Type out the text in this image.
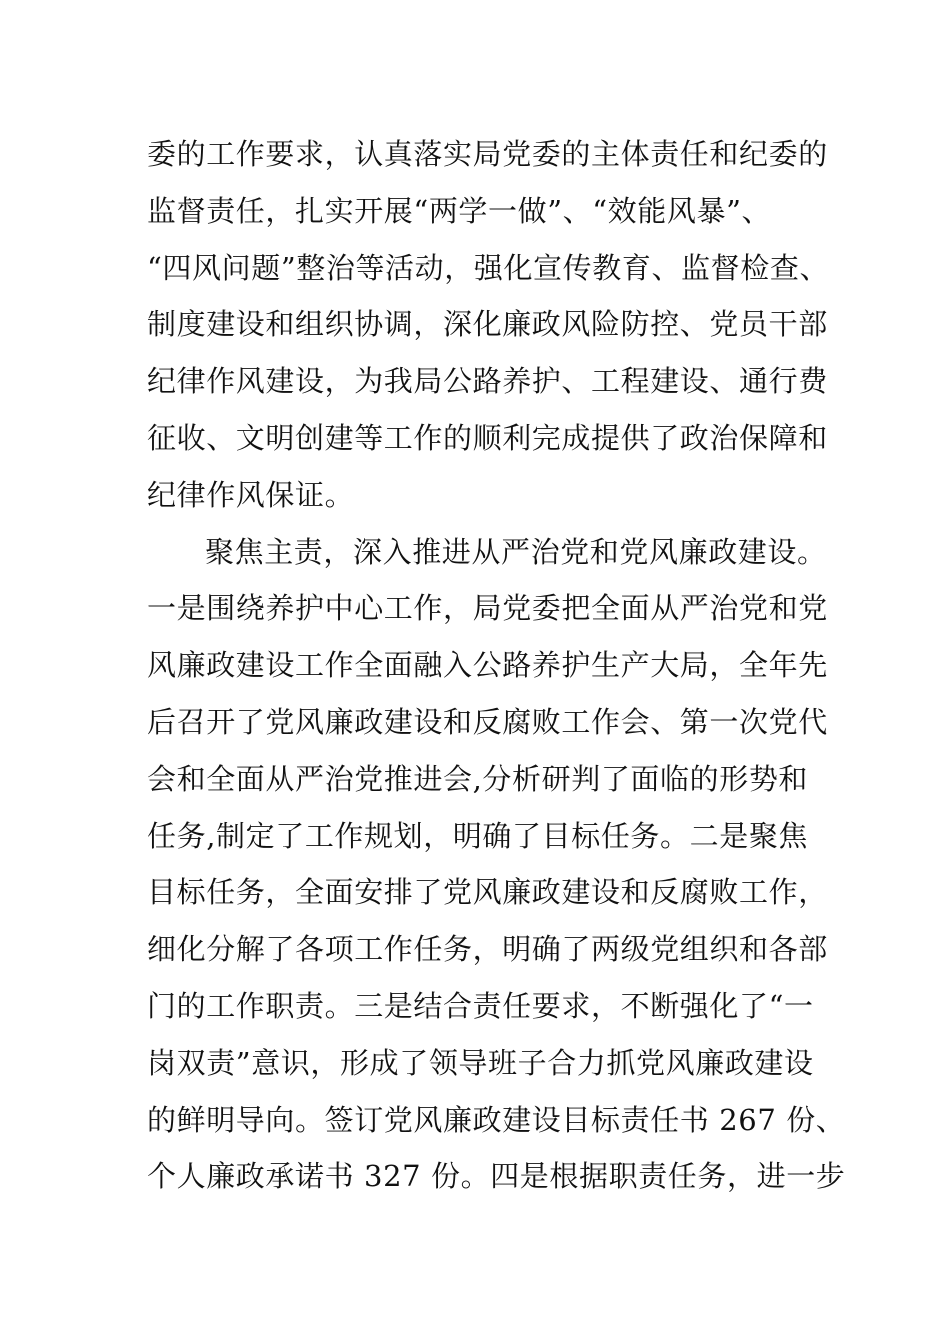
委的工作要求，认真落实局党委的主体责任和纪委的
监督责任，扎实开展“两学一做”、“效能风暴”、
“四风问题”整治等活动，强化宣传教育、监督检查、
制度建设和组织协调，深化廉政风险防控、党员干部
纪律作风建设，为我局公路养护、工程建设、通行费
征收、文明创建等工作的顺利完成提供了政治保障和
纪律作风保证。
聚焦主责，深入推进从严治党和党风廉政建设。
一是围绕养护中心工作，局党委把全面从严治党和党
风廉政建设工作全面融入公路养护生产大局，全年先
后召开了党风廉政建设和反腐败工作会、第一次党代
会和全面从严治党推进会,分析研判了面临的形势和
任务,制定了工作规划，明确了目标任务。二是聚焦
目标任务，全面安排了党风廉政建设和反腐败工作，
细化分解了各项工作任务，明确了两级党组织和各部
门的工作职责。三是结合责任要求，不断强化了“一
岗双责”意识，形成了领导班子合力抓党风廉政建设
的鲜明导向。签订党风廉政建设目标责任书 267 份、
个人廉政承诺书 327 份。四是根据职责任务，进一步
